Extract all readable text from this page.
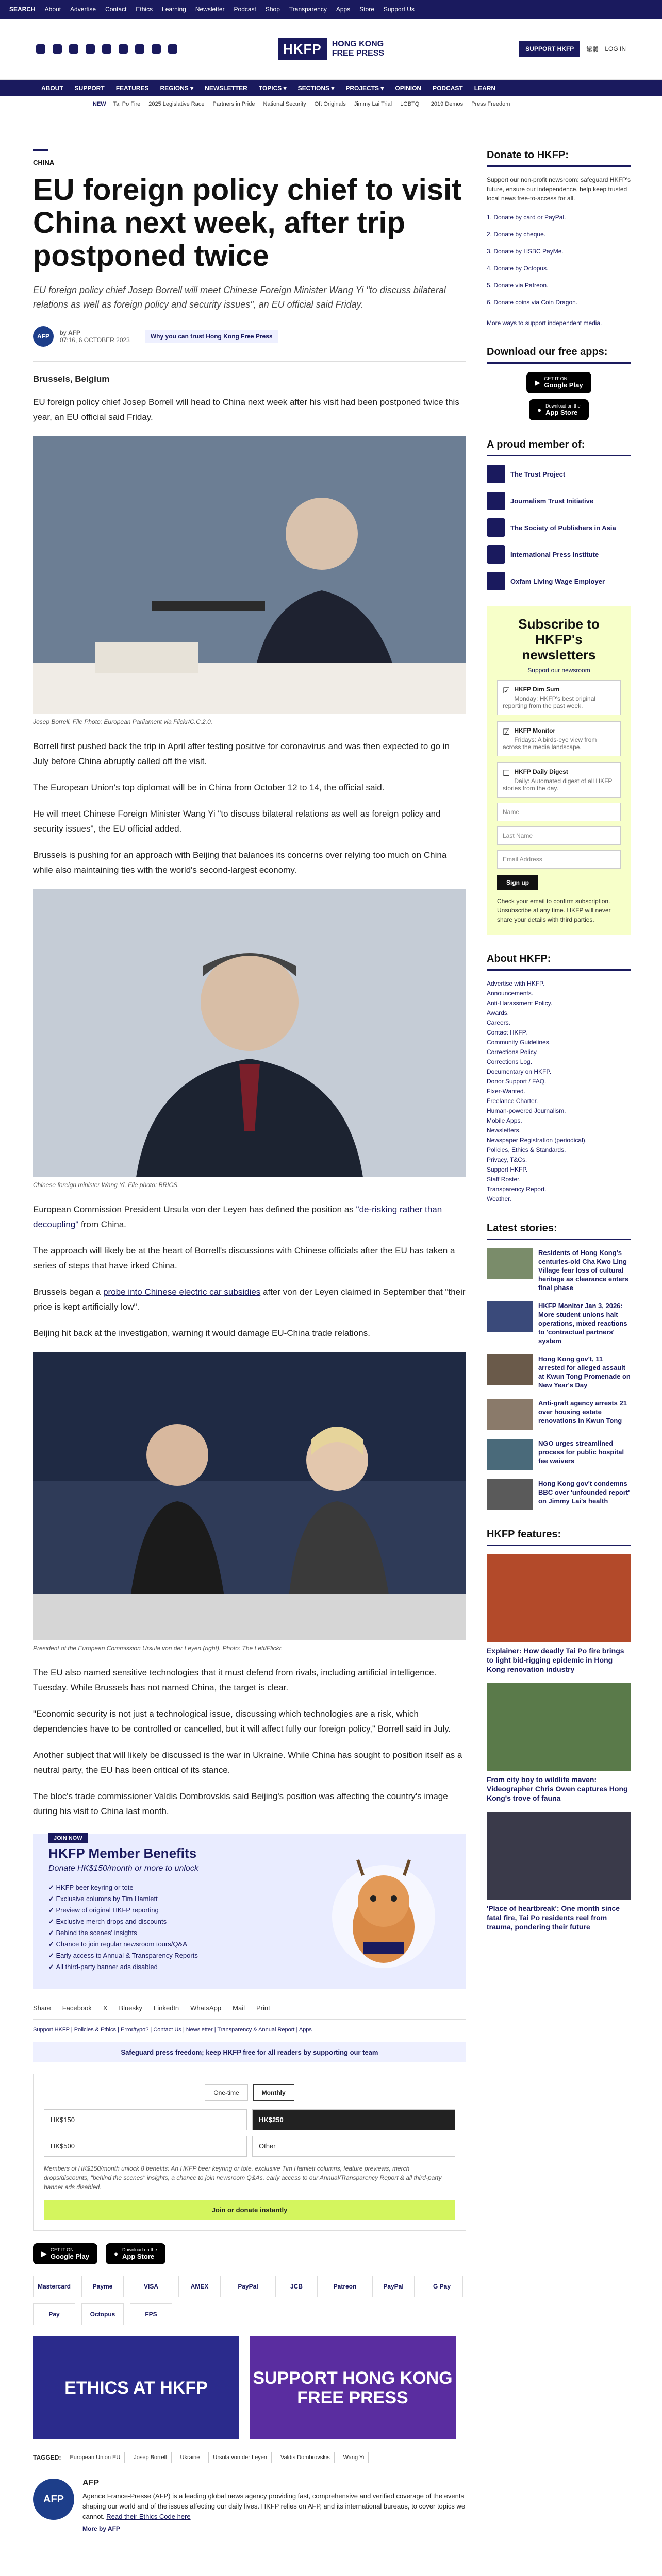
SEARCH About Advertise Contact Ethics Learning Newsletter Podcast Shop Transparency Apps Store Support Us
HKFP	HONG KONG
FREE PRESS	SUPPORT HKFP	繁體 LOG IN
ABOUT SUPPORT FEATURES REGIONS ▾ NEWSLETTER TOPICS ▾ SECTIONS ▾ PROJECTS ▾ OPINION PODCAST LEARN
NEW Tai Po Fire 2025 Legislative Race Partners in Pride National Security Oft Originals Jimmy Lai Trial LGBTQ+ 2019 Demos Press Freedom
CHINA
EU foreign policy chief to visit China next week, after trip postponed twice
EU foreign policy chief Josep Borrell will meet Chinese Foreign Minister Wang Yi "to discuss bilateral relations as well as foreign policy and security issues", an EU official said Friday.
AFP	by AFP
07:16, 6 OCTOBER 2023	Why you can trust Hong Kong Free Press
Brussels, Belgium

EU foreign policy chief Josep Borrell will head to China next week after his visit had been postponed twice this year, an EU official said Friday.

Josep Borrell. File Photo: European Parliament via Flickr/C.C.2.0.

Borrell first pushed back the trip in April after testing positive for coronavirus and was then expected to go in July before China abruptly called off the visit.

The European Union's top diplomat will be in China from October 12 to 14, the official said.

He will meet Chinese Foreign Minister Wang Yi "to discuss bilateral relations as well as foreign policy and security issues", the EU official added.

Brussels is pushing for an approach with Beijing that balances its concerns over relying too much on China while also maintaining ties with the world's second-largest economy.

Chinese foreign minister Wang Yi. File photo: BRICS.

European Commission President Ursula von der Leyen has defined the position as "de-risking rather than decoupling" from China.

The approach will likely be at the heart of Borrell's discussions with Chinese officials after the EU has taken a series of steps that have irked China.

Brussels began a probe into Chinese electric car subsidies after von der Leyen claimed in September that "their price is kept artificially low".

Beijing hit back at the investigation, warning it would damage EU-China trade relations.

President of the European Commission Ursula von der Leyen (right). Photo: The Left/Flickr.

The EU also named sensitive technologies that it must defend from rivals, including artificial intelligence. Tuesday. While Brussels has not named China, the target is clear.

"Economic security is not just a technological issue, discussing which technologies are a risk, which dependencies have to be controlled or cancelled, but it will affect fully our foreign policy," Borrell said in July.

Another subject that will likely be discussed is the war in Ukraine. While China has sought to position itself as a neutral party, the EU has been critical of its stance.

The bloc's trade commissioner Valdis Dombrovskis said Beijing's position was affecting the country's image during his visit to China last month.

JOIN NOW
HKFP Member Benefits
Donate HK$150/month or more to unlock
✓ HKFP beer keyring or tote
✓ Exclusive columns by Tim Hamlett
✓ Preview of original HKFP reporting
✓ Exclusive merch drops and discounts
✓ Behind the scenes' insights
✓ Chance to join regular newsroom tours/Q&A
✓ Early access to Annual & Transparency Reports
✓ All third-party banner ads disabled
Share Facebook X Bluesky LinkedIn WhatsApp Mail Print
Support HKFP | Policies & Ethics | Error/typo? | Contact Us | Newsletter | Transparency & Annual Report | Apps
Safeguard press freedom; keep HKFP free for all readers by supporting our team
One-time	Monthly
HK$150	HK$250
HK$500	Other

Members of HK$150/month unlock 8 benefits: An HKFP beer keyring or tote, exclusive Tim Hamlett columns, feature previews, merch drops/discounts, "behind the scenes" insights, a chance to join newsroom Q&As, early access to our Annual/Transparency Report & all third-party banner ads disabled.

Join or donate instantly
▶ GET IT ON
Google Play	● Download on the
App Store
Mastercard	Payme	VISA	AMEX	PayPal	JCB	Patreon	PayPal	G Pay
Pay	Octopus	FPS
ETHICS AT HKFP	SUPPORT HONG KONG FREE PRESS
TAGGED:	European Union EU	Josep Borrell	Ukraine	Ursula von der Leyen	Valdis Dombrovskis	Wang Yi
AFP
AFP

Agence France-Presse (AFP) is a leading global news agency providing fast, comprehensive and verified coverage of the events shaping our world and of the issues affecting our daily lives. HKFP relies on AFP, and its international bureaus, to cover topics we cannot. Read their Ethics Code here

More by AFP
Donate to HKFP:
Support our non-profit newsroom: safeguard HKFP's future, ensure our independence, help keep trusted local news free-to-access for all.
1. Donate by card or PayPal.
2. Donate by cheque.
3. Donate by HSBC PayMe.
4. Donate by Octopus.
5. Donate via Patreon.
6. Donate coins via Coin Dragon.
More ways to support independent media.
Download our free apps:
▶ GET IT ON
Google Play
● Download on the
App Store
A proud member of:
The Trust Project
Journalism Trust Initiative
The Society of Publishers in Asia
International Press Institute
Oxfam Living Wage Employer
Subscribe to HKFP's newsletters
Support our newsroom
☑ HKFP Dim Sum
Monday: HKFP's best original reporting from the past week.
☑ HKFP Monitor
Fridays: A birds-eye view from across the media landscape.
☐ HKFP Daily Digest
Daily: Automated digest of all HKFP stories from the day.
Name
Last Name
Email Address
Sign up
Check your email to confirm subscription. Unsubscribe at any time. HKFP will never share your details with third parties.
About HKFP:
Advertise with HKFP.
Announcements.
Anti-Harassment Policy.
Awards.
Careers.
Contact HKFP.
Community Guidelines.
Corrections Policy.
Corrections Log.
Documentary on HKFP.
Donor Support / FAQ.
Fixer-Wanted.
Freelance Charter.
Human-powered Journalism.
Mobile Apps.
Newsletters.
Newspaper Registration (periodical).
Policies, Ethics & Standards.
Privacy, T&Cs.
Support HKFP.
Staff Roster.
Transparency Report.
Weather.
Latest stories:
Residents of Hong Kong's centuries-old Cha Kwo Ling Village fear loss of cultural heritage as clearance enters final phase
HKFP Monitor Jan 3, 2026: More student unions halt operations, mixed reactions to 'contractual partners' system
Hong Kong gov't, 11 arrested for alleged assault at Kwun Tong Promenade on New Year's Day
Anti-graft agency arrests 21 over housing estate renovations in Kwun Tong
NGO urges streamlined process for public hospital fee waivers
Hong Kong gov't condemns BBC over 'unfounded report' on Jimmy Lai's health
HKFP features:
Explainer: How deadly Tai Po fire brings to light bid-rigging epidemic in Hong Kong renovation industry
From city boy to wildlife maven: Videographer Chris Owen captures Hong Kong's trove of fauna
'Place of heartbreak': One month since fatal fire, Tai Po residents reel from trauma, pondering their future
